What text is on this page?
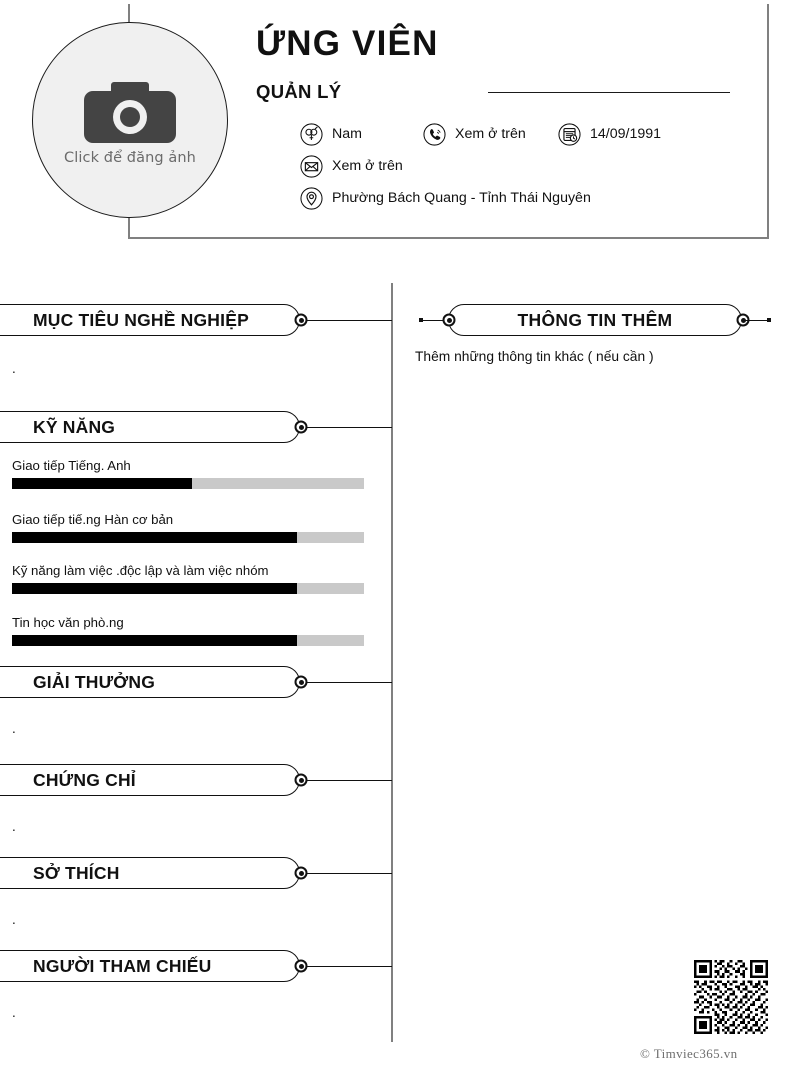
Click để đăng ảnh
ỨNG VIÊN
QUẢN LÝ
Nam	Xem ở trên	14/09/1991
Xem ở trên
Phường Bách Quang - Tỉnh Thái Nguyên
MỤC TIÊU NGHỀ NGHIỆP
.
KỸ NĂNG
Giao tiếp Tiếng. Anh
Giao tiếp tiế.ng Hàn cơ bản
Kỹ năng làm việc .độc lập và làm việc nhóm
Tin học văn phò.ng
GIẢI THƯỞNG
.
CHỨNG CHỈ
.
SỞ THÍCH
.
NGƯỜI THAM CHIẾU
.
THÔNG TIN THÊM
Thêm những thông tin khác ( nếu cần )
© Timviec365.vn
